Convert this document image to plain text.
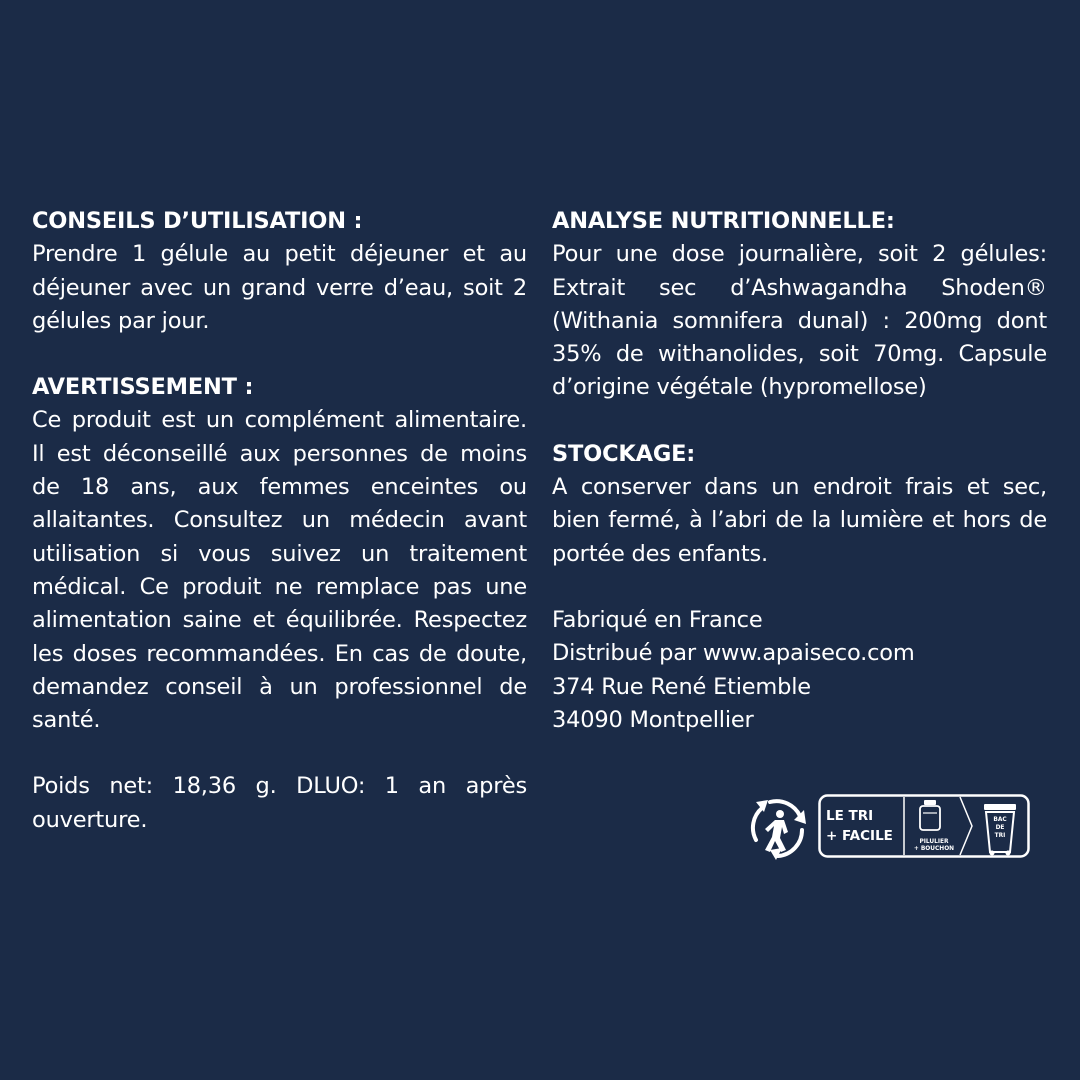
CONSEILS D’UTILISATION :

Prendre 1 gélule au petit déjeuner et au déjeuner avec un grand verre d’eau, soit 2 gélules par jour.

AVERTISSEMENT :

Ce produit est un complément alimentaire. Il est déconseillé aux personnes de moins de 18 ans, aux femmes enceintes ou allaitantes. Consultez un médecin avant utilisation si vous suivez un traitement médical. Ce produit ne remplace pas une alimentation saine et équilibrée. Respectez les doses recommandées. En cas de doute, demandez conseil à un professionnel de santé.

Poids net: 18,36 g. DLUO: 1 an après ouverture.

ANALYSE NUTRITIONNELLE:

Pour une dose journalière, soit 2 gélules: Extrait sec d’Ashwagandha Shoden® (Withania somnifera dunal) : 200mg dont 35% de withanolides, soit 70mg. Capsule d’origine végétale (hypromellose)

STOCKAGE:

A conserver dans un endroit frais et sec, bien fermé, à l’abri de la lumière et hors de portée des enfants.

Fabriqué en France
Distribué par www.apaiseco.com
374 Rue René Etiemble
34090 Montpellier
LE TRI
+ FACILE	PILULIER
+ BOUCHON
BAC
DE
TRI
